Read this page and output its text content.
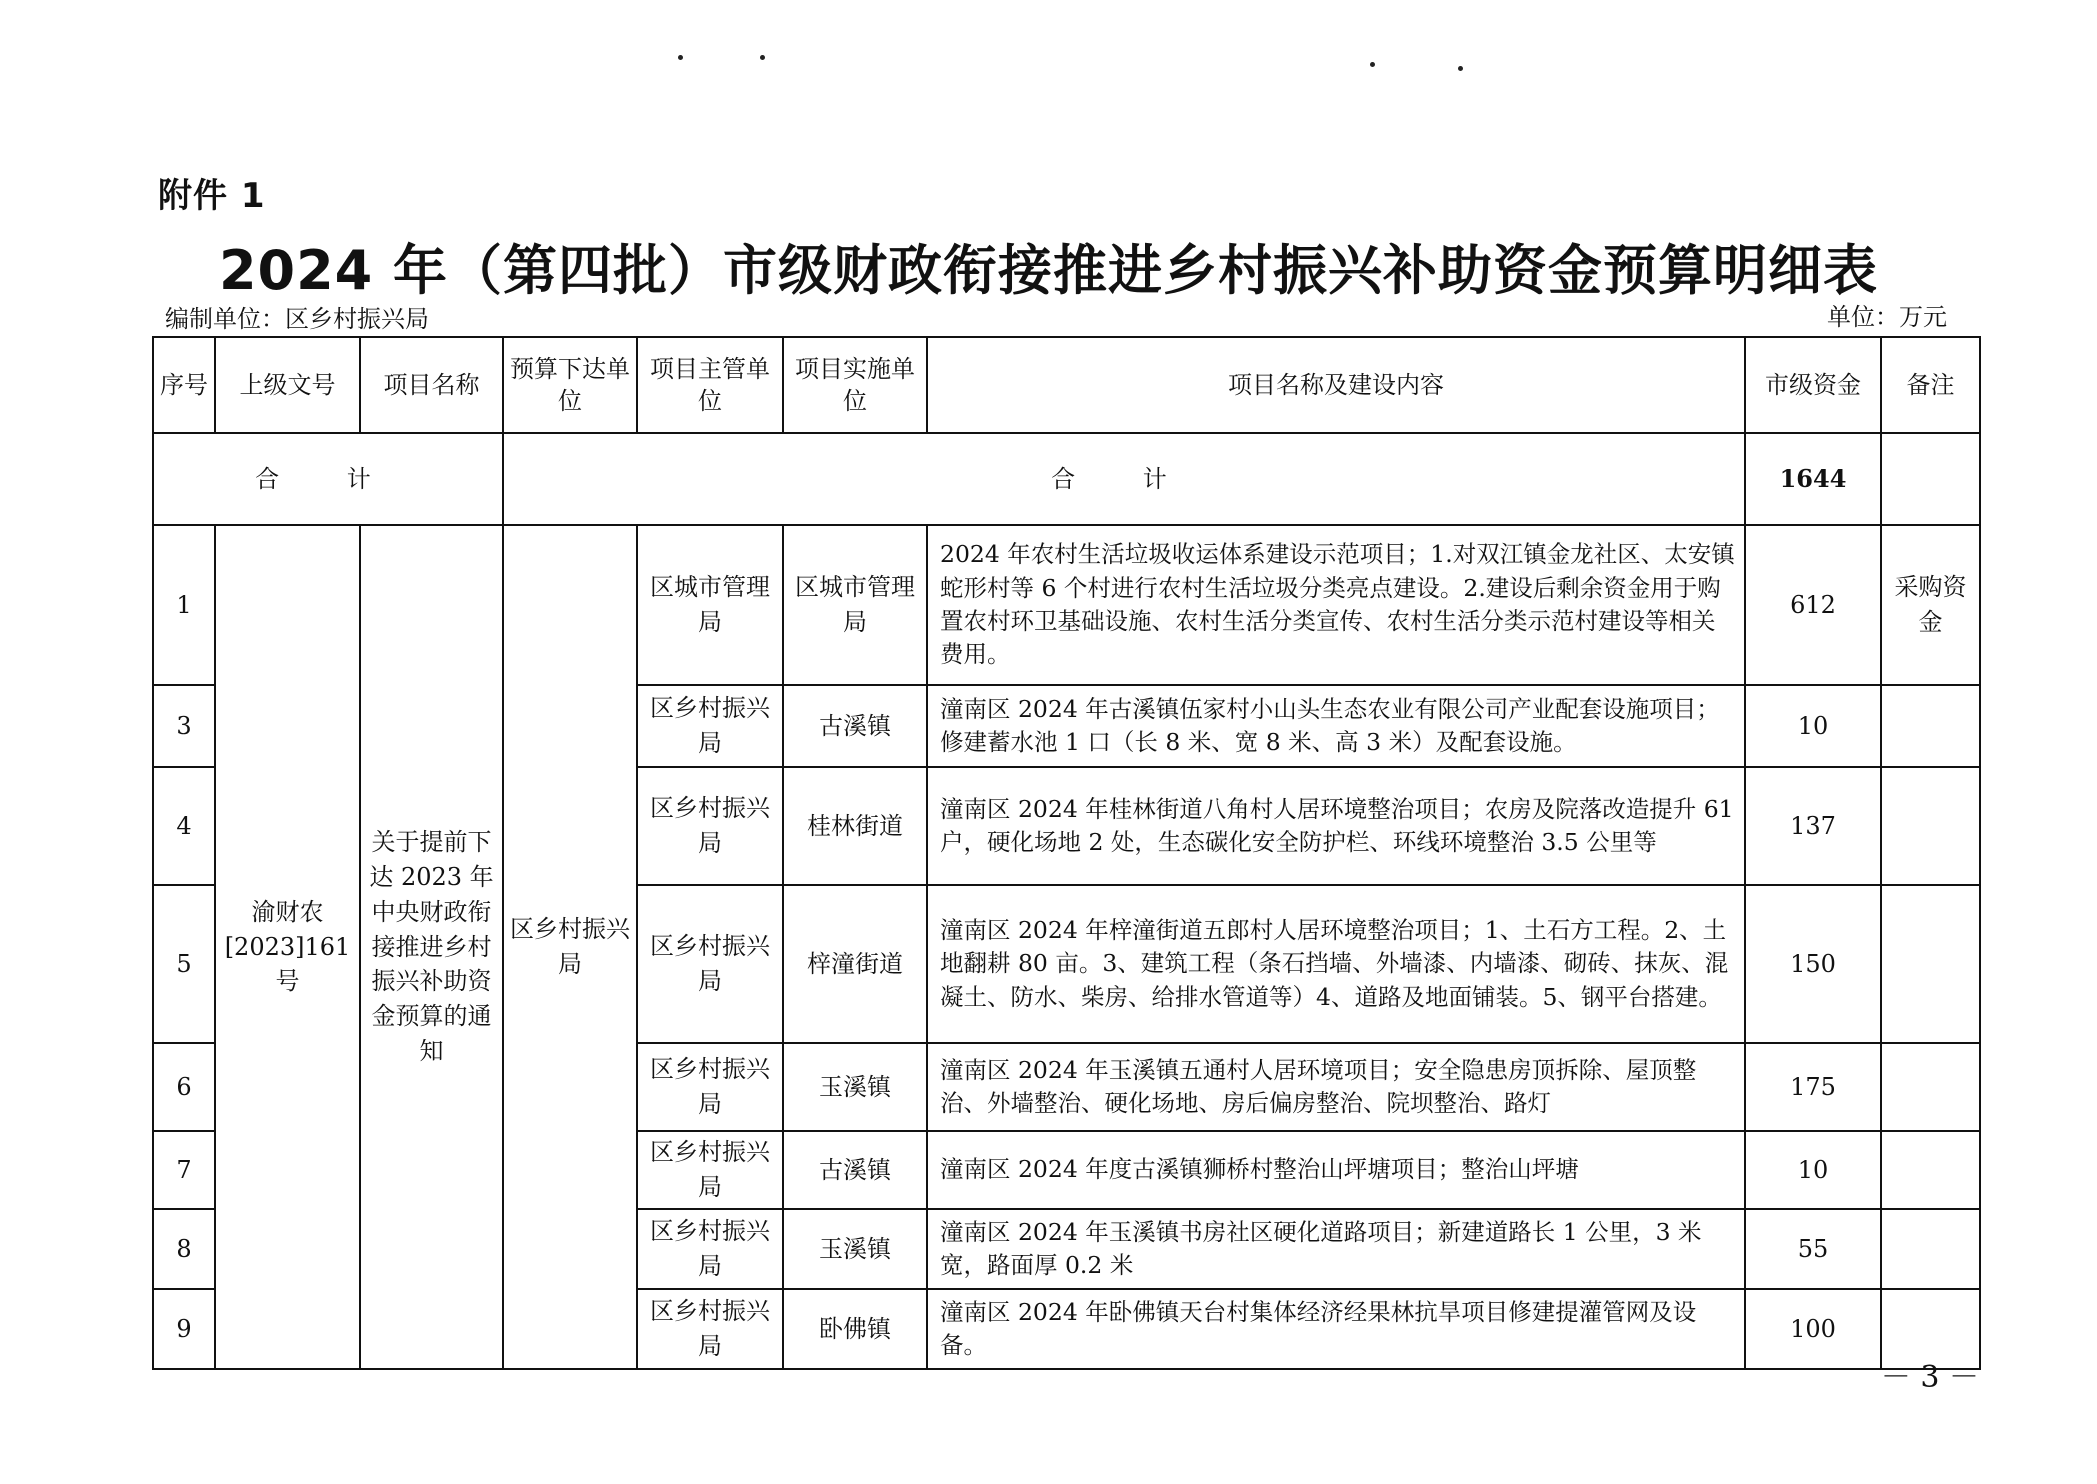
附件 1
2024 年（第四批）市级财政衔接推进乡村振兴补助资金预算明细表
编制单位：区乡村振兴局	单位：万元
序号	上级文号	项目名称	预算下达单位	项目主管单位	项目实施单位	项目名称及建设内容	市级资金	备注
合 计			合 计				1644	
1	渝财农[2023]161号	关于提前下达 2023 年中央财政衔接推进乡村振兴补助资金预算的通知	区乡村振兴局	区城市管理局	区城市管理局	2024 年农村生活垃圾收运体系建设示范项目；1.对双江镇金龙社区、太安镇蛇形村等 6 个村进行农村生活垃圾分类亮点建设。2.建设后剩余资金用于购置农村环卫基础设施、农村生活分类宣传、农村生活分类示范村建设等相关费用。	612	采购资金
3				区乡村振兴局	古溪镇	潼南区 2024 年古溪镇伍家村小山头生态农业有限公司产业配套设施项目；修建蓄水池 1 口（长 8 米、宽 8 米、高 3 米）及配套设施。	10	
4				区乡村振兴局	桂林街道	潼南区 2024 年桂林街道八角村人居环境整治项目；农房及院落改造提升 61 户，硬化场地 2 处，生态碳化安全防护栏、环线环境整治 3.5 公里等	137	
5				区乡村振兴局	梓潼街道	潼南区 2024 年梓潼街道五郎村人居环境整治项目；1、土石方工程。2、土地翻耕 80 亩。3、建筑工程（条石挡墙、外墙漆、内墙漆、砌砖、抹灰、混凝土、防水、柴房、给排水管道等）4、道路及地面铺装。5、钢平台搭建。	150	
6				区乡村振兴局	玉溪镇	潼南区 2024 年玉溪镇五通村人居环境项目；安全隐患房顶拆除、屋顶整治、外墙整治、硬化场地、房后偏房整治、院坝整治、路灯	175	
7				区乡村振兴局	古溪镇	潼南区 2024 年度古溪镇狮桥村整治山坪塘项目；整治山坪塘	10	
8				区乡村振兴局	玉溪镇	潼南区 2024 年玉溪镇书房社区硬化道路项目；新建道路长 1 公里，3 米宽，路面厚 0.2 米	55	
9				区乡村振兴局	卧佛镇	潼南区 2024 年卧佛镇天台村集体经济经果林抗旱项目修建提灌管网及设备。	100	
－ 3 －
